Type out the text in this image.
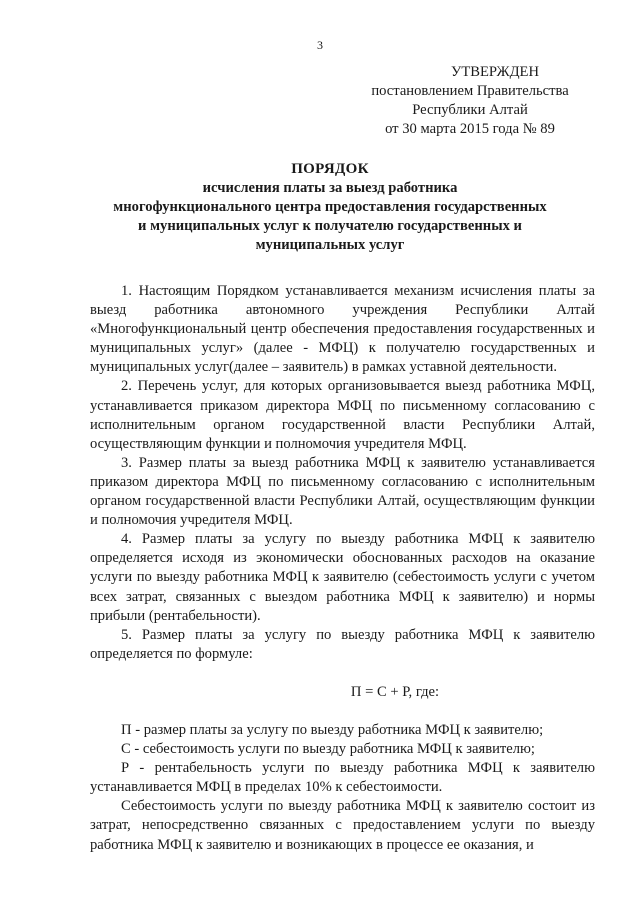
3
УТВЕРЖДЕН
постановлением Правительства
Республики Алтай
от 30 марта 2015 года № 89
ПОРЯДОК
исчисления платы за выезд работника
многофункционального центра предоставления государственных
и муниципальных услуг к получателю государственных и
муниципальных услуг

1. Настоящим Порядком устанавливается механизм исчисления платы за выезд работника автономного учреждения Республики Алтай «Многофункциональный центр обеспечения предоставления государственных и муниципальных услуг» (далее - МФЦ) к получателю государственных и муниципальных услуг(далее – заявитель) в рамках уставной деятельности.

2. Перечень услуг, для которых организовывается выезд работника МФЦ, устанавливается приказом директора МФЦ по письменному согласованию с исполнительным органом государственной власти Республики Алтай, осуществляющим функции и полномочия учредителя МФЦ.

3. Размер платы за выезд работника МФЦ к заявителю устанавливается приказом директора МФЦ по письменному согласованию с исполнительным органом государственной власти Республики Алтай, осуществляющим функции и полномочия учредителя МФЦ.

4. Размер платы за услугу по выезду работника МФЦ к заявителю определяется исходя из экономически обоснованных расходов на оказание услуги по выезду работника МФЦ к заявителю (себестоимость услуги с учетом всех затрат, связанных с выездом работника МФЦ к заявителю) и нормы прибыли (рентабельности).

5. Размер платы за услугу по выезду работника МФЦ к заявителю определяется по формуле:

П = С + Р, где:

П - размер платы за услугу по выезду работника МФЦ к заявителю;

С - себестоимость услуги по выезду работника МФЦ к заявителю;

Р - рентабельность услуги по выезду работника МФЦ к заявителю устанавливается МФЦ в пределах 10% к себестоимости.

Себестоимость услуги по выезду работника МФЦ к заявителю состоит из затрат, непосредственно связанных с предоставлением услуги по выезду работника МФЦ к заявителю и возникающих в процессе ее оказания, и
